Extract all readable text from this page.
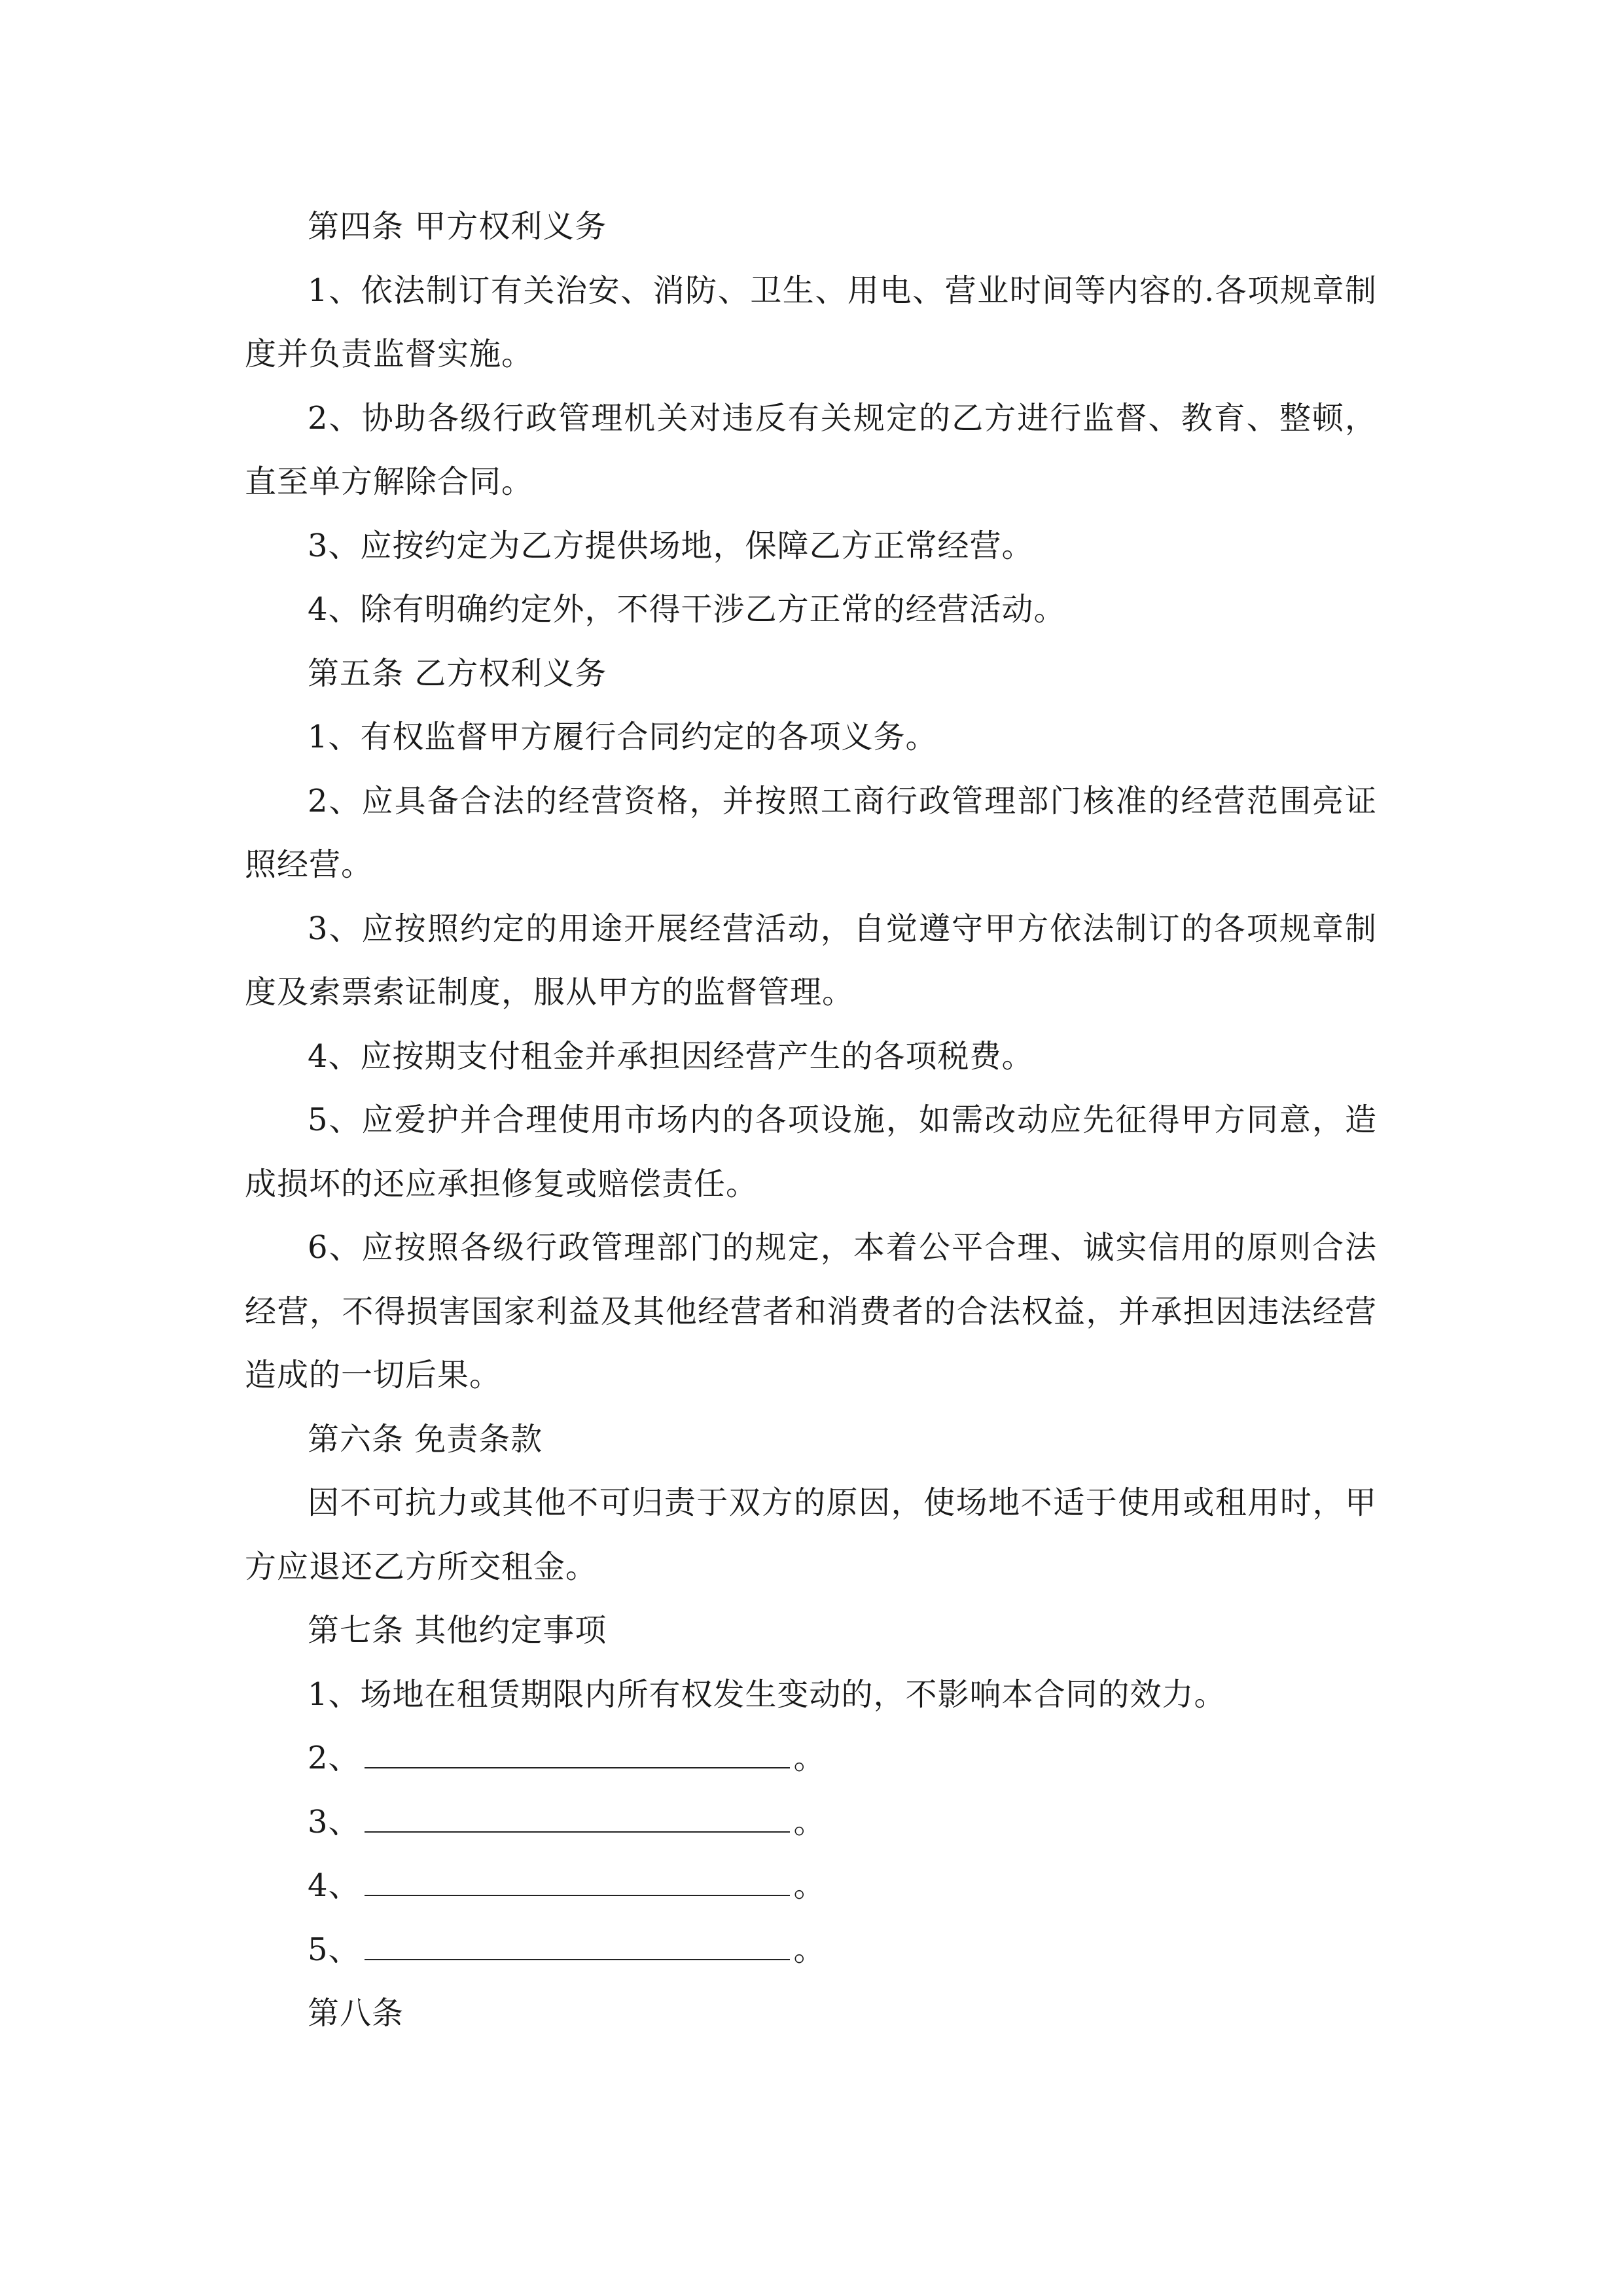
第四条 甲方权利义务

1、依法制订有关治安、消防、卫生、用电、营业时间等内容的.各项规章制度并负责监督实施。

2、协助各级行政管理机关对违反有关规定的乙方进行监督、教育、整顿，直至单方解除合同。

3、应按约定为乙方提供场地，保障乙方正常经营。

4、除有明确约定外，不得干涉乙方正常的经营活动。

第五条 乙方权利义务

1、有权监督甲方履行合同约定的各项义务。

2、应具备合法的经营资格，并按照工商行政管理部门核准的经营范围亮证照经营。

3、应按照约定的用途开展经营活动，自觉遵守甲方依法制订的各项规章制度及索票索证制度，服从甲方的监督管理。

4、应按期支付租金并承担因经营产生的各项税费。

5、应爱护并合理使用市场内的各项设施，如需改动应先征得甲方同意，造成损坏的还应承担修复或赔偿责任。

6、应按照各级行政管理部门的规定，本着公平合理、诚实信用的原则合法经营，不得损害国家利益及其他经营者和消费者的合法权益，并承担因违法经营造成的一切后果。

第六条 免责条款

因不可抗力或其他不可归责于双方的原因，使场地不适于使用或租用时，甲方应退还乙方所交租金。

第七条 其他约定事项

1、场地在租赁期限内所有权发生变动的，不影响本合同的效力。

2、	。

3、	。

4、	。

5、	。

第八条
